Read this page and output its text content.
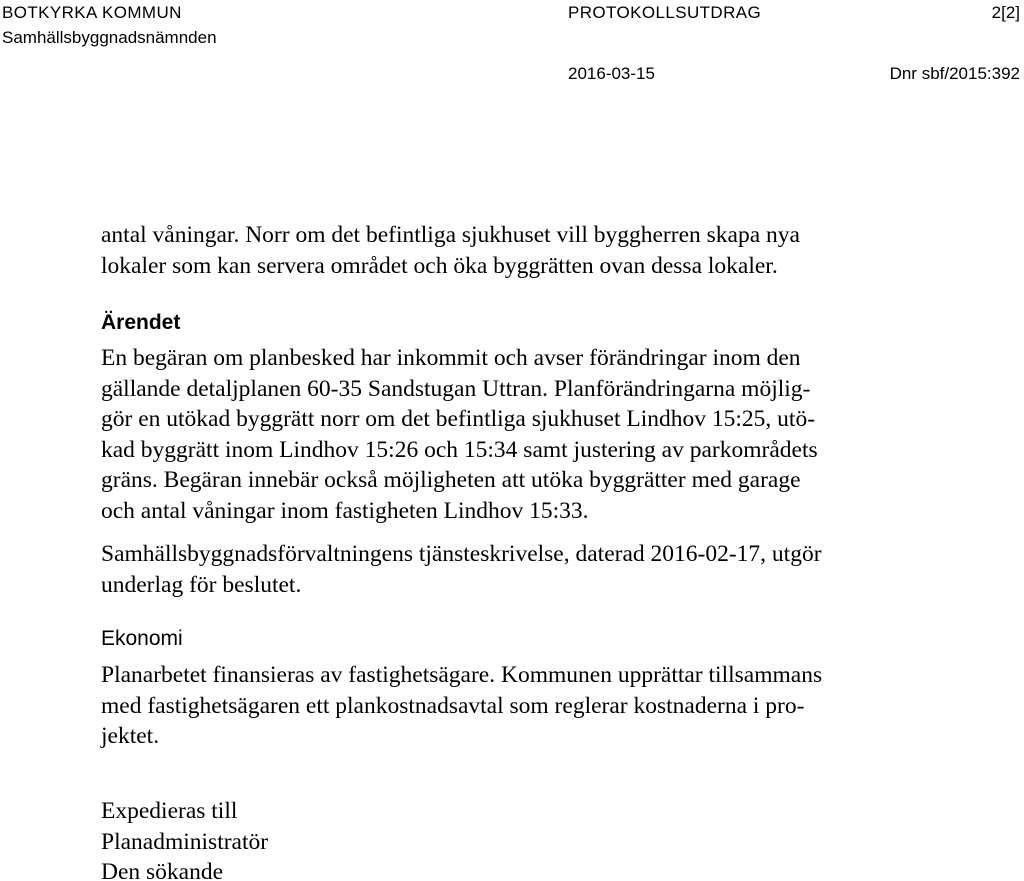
BOTKYRKA KOMMUN
Samhällsbyggnadsnämnden
PROTOKOLLSUTDRAG	2[2]
2016-03-15	Dnr sbf/2015:392
antal våningar. Norr om det befintliga sjukhuset vill byggherren skapa nya
lokaler som kan servera området och öka byggrätten ovan dessa lokaler.
Ärendet
En begäran om planbesked har inkommit och avser förändringar inom den
gällande detaljplanen 60-35 Sandstugan Uttran. Planförändringarna möjlig-
gör en utökad byggrätt norr om det befintliga sjukhuset Lindhov 15:25, utö-
kad byggrätt inom Lindhov 15:26 och 15:34 samt justering av parkområdets
gräns. Begäran innebär också möjligheten att utöka byggrätter med garage
och antal våningar inom fastigheten Lindhov 15:33.
Samhällsbyggnadsförvaltningens tjänsteskrivelse, daterad 2016-02-17, utgör
underlag för beslutet.
Ekonomi
Planarbetet finansieras av fastighetsägare. Kommunen upprättar tillsammans
med fastighetsägaren ett plankostnadsavtal som reglerar kostnaderna i pro-
jektet.
Expedieras till
Planadministratör
Den sökande
